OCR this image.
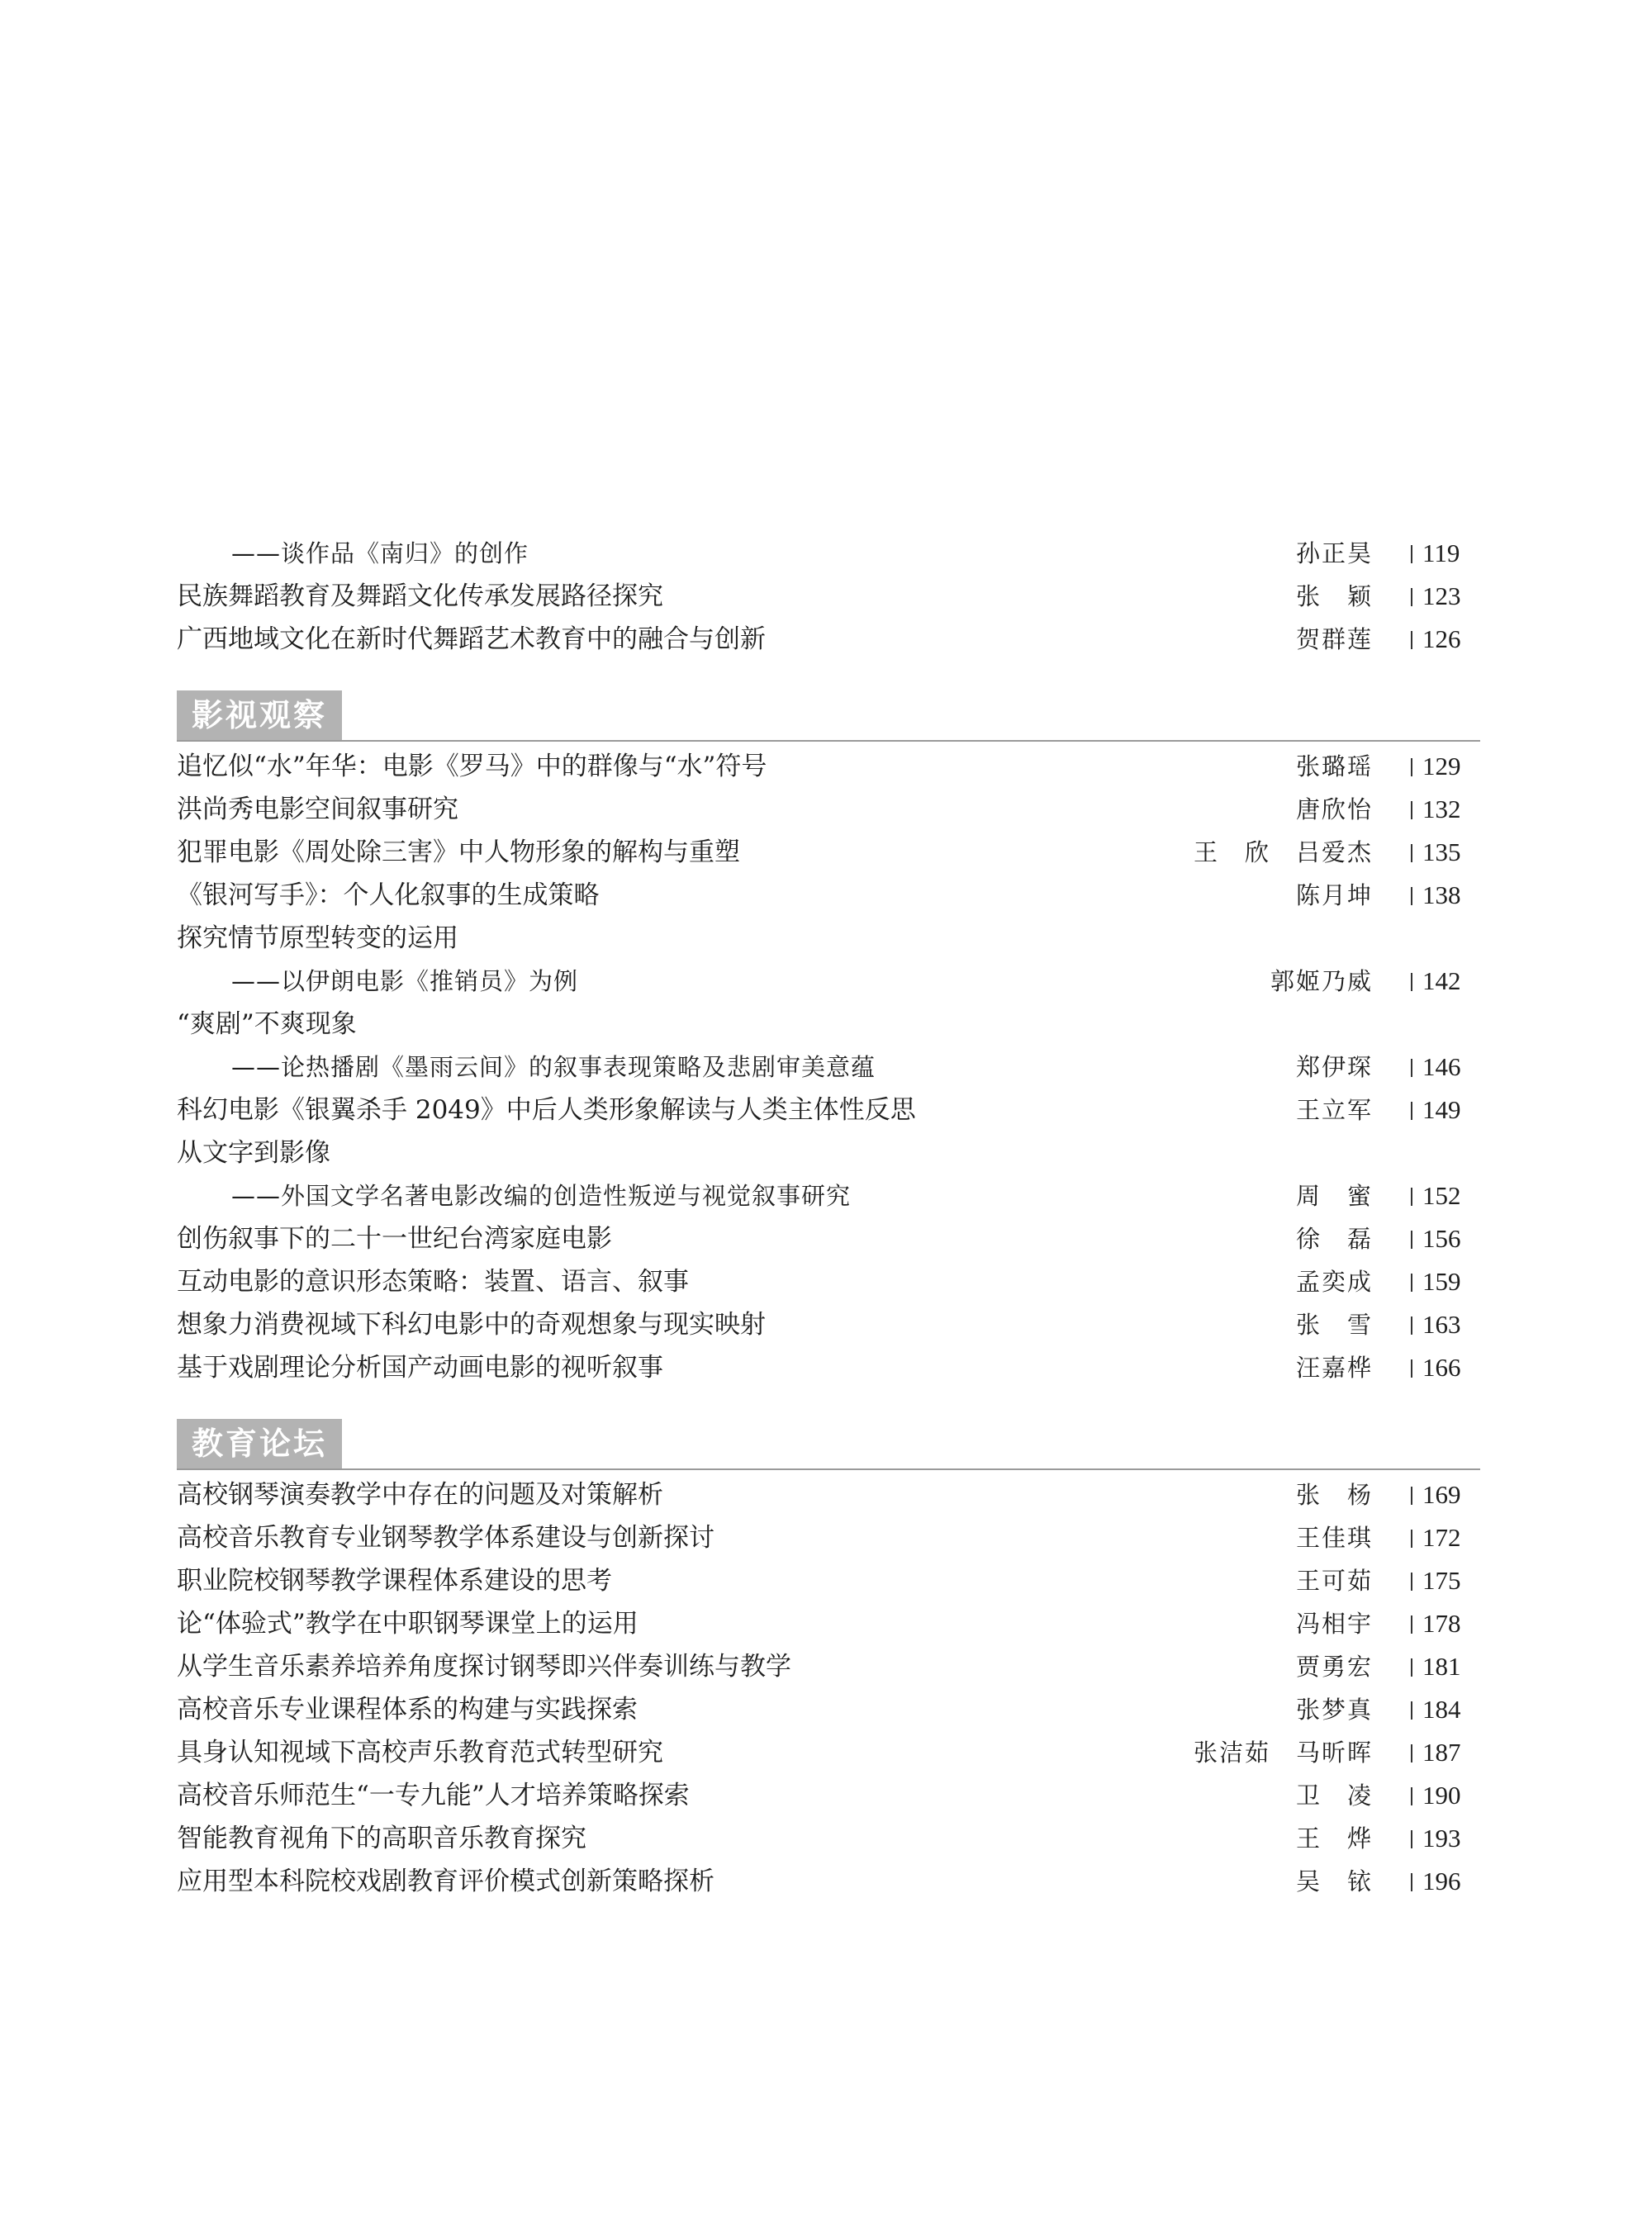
——谈作品《南归》的创作	孙正昊	119
民族舞蹈教育及舞蹈文化传承发展路径探究	张　颖	123
广西地域文化在新时代舞蹈艺术教育中的融合与创新	贺群莲	126
影视观察
追忆似“水”年华：电影《罗马》中的群像与“水”符号	张璐瑶	129
洪尚秀电影空间叙事研究	唐欣怡	132
犯罪电影《周处除三害》中人物形象的解构与重塑	王　欣　吕爱杰	135
《银河写手》：个人化叙事的生成策略	陈月坤	138
探究情节原型转变的运用
——以伊朗电影《推销员》为例	郭姬乃威	142
“爽剧”不爽现象
——论热播剧《墨雨云间》的叙事表现策略及悲剧审美意蕴	郑伊琛	146
科幻电影《银翼杀手 2049》中后人类形象解读与人类主体性反思	王立军	149
从文字到影像
——外国文学名著电影改编的创造性叛逆与视觉叙事研究	周　蜜	152
创伤叙事下的二十一世纪台湾家庭电影	徐　磊	156
互动电影的意识形态策略：装置、语言、叙事	孟奕成	159
想象力消费视域下科幻电影中的奇观想象与现实映射	张　雪	163
基于戏剧理论分析国产动画电影的视听叙事	汪嘉桦	166
教育论坛
高校钢琴演奏教学中存在的问题及对策解析	张　杨	169
高校音乐教育专业钢琴教学体系建设与创新探讨	王佳琪	172
职业院校钢琴教学课程体系建设的思考	王可茹	175
论“体验式”教学在中职钢琴课堂上的运用	冯相宇	178
从学生音乐素养培养角度探讨钢琴即兴伴奏训练与教学	贾勇宏	181
高校音乐专业课程体系的构建与实践探索	张梦真	184
具身认知视域下高校声乐教育范式转型研究	张洁茹　马昕晖	187
高校音乐师范生“一专九能”人才培养策略探索	卫　凌	190
智能教育视角下的高职音乐教育探究	王　烨	193
应用型本科院校戏剧教育评价模式创新策略探析	吴　铱	196
